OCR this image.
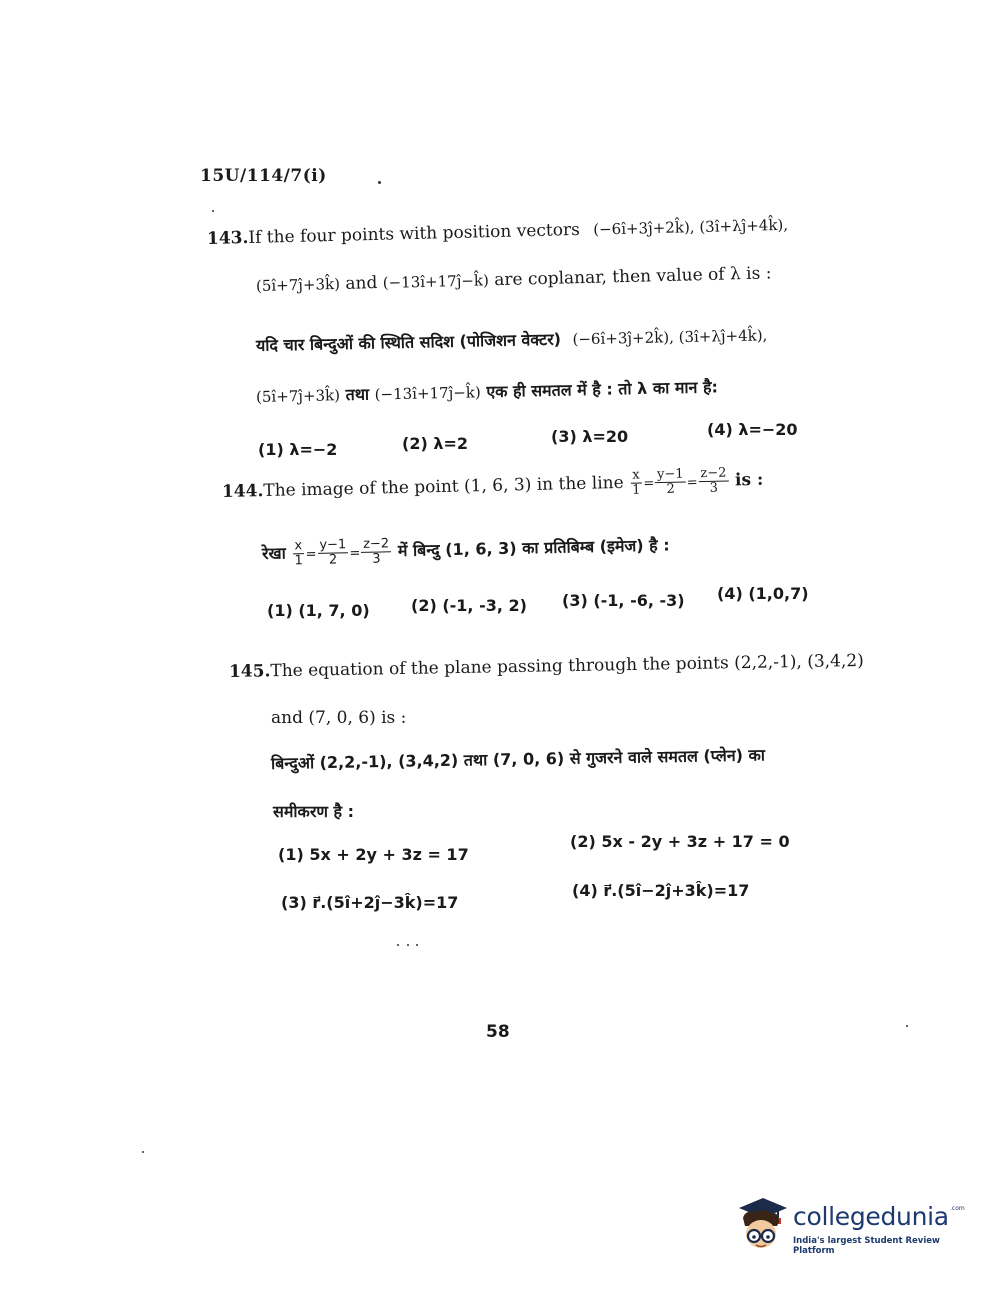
15U/114/7(i)
143.If the four points with position vectors (−6î+3ĵ+2k̂), (3î+λĵ+4k̂),
(5î+7ĵ+3k̂) and (−13î+17ĵ−k̂) are coplanar, then value of λ is :
यदि चार बिन्दुओं की स्थिति सदिश (पोजिशन वेक्टर) (−6î+3ĵ+2k̂), (3î+λĵ+4k̂),
(5î+7ĵ+3k̂) तथा (−13î+17ĵ−k̂) एक ही समतल में है : तो λ का मान है:
(1) λ=−2	(2) λ=2	(3) λ=20	(4) λ=−20
144.The image of the point (1, 6, 3) in the line $\frac{x}{1} = \frac{y-1}{2} = \frac{z-2}{3}$ is :
रेखा $\frac{x}{1} = \frac{y-1}{2} = \frac{z-2}{3}$ में बिन्दु (1, 6, 3) का प्रतिबिम्ब (इमेज) है :
(1) (1, 7, 0)	(2) (-1, -3, 2) (3) (-1, -6, -3) (4) (1,0,7)
145.The equation of the plane passing through the points (2,2,-1), (3,4,2)
and (7, 0, 6) is :
बिन्दुओं (2,2,-1), (3,4,2) तथा (7, 0, 6) से गुजरने वाले समतल (प्लेन) का
समीकरण है :
(1) 5x + 2y + 3z = 17
(2) 5x - 2y + 3z + 17 = 0
(3) r⃗.(5î+2ĵ−3k̂)=17
(4) r⃗.(5î−2ĵ+3k̂)=17
58
collegedunia .com
India's largest Student Review Platform
